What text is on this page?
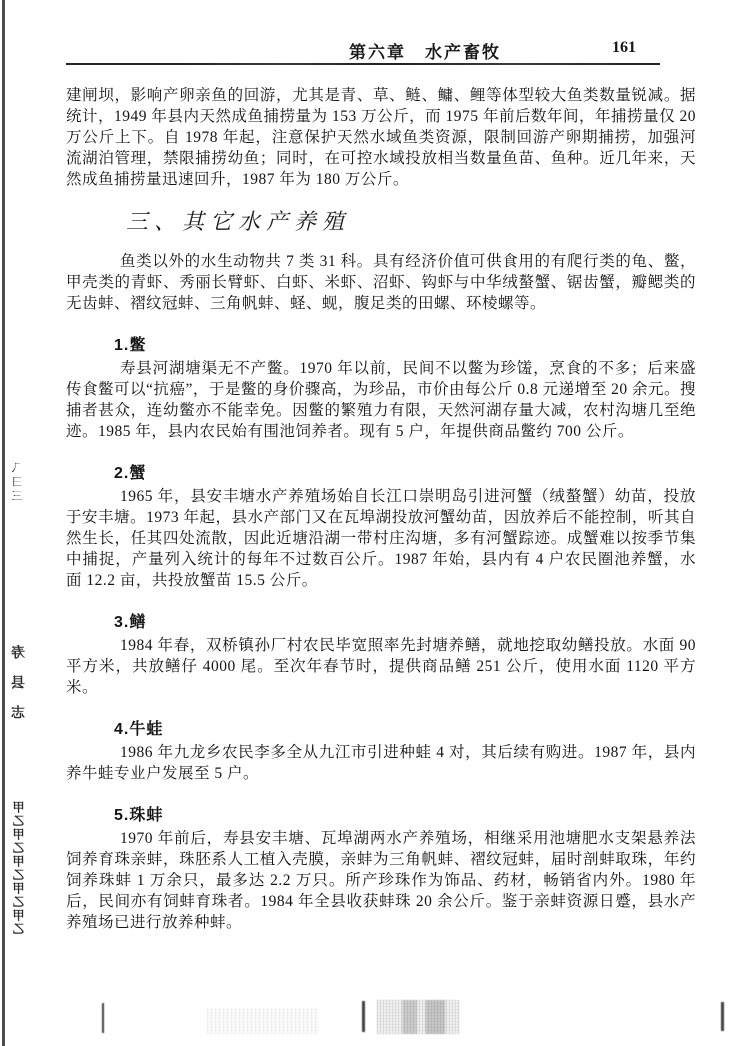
乁彐三
寿县志
甲乙甲乙甲乙甲乙甲乙
第六章　水产畜牧	161

建闸坝，影响产卵亲鱼的回游，尤其是青、草、鲢、鳙、鲤等体型较大鱼类数量锐减。据统计，1949 年县内天然成鱼捕捞量为 153 万公斤，而 1975 年前后数年间，年捕捞量仅 20 万公斤上下。自 1978 年起，注意保护天然水域鱼类资源，限制回游产卵期捕捞，加强河流湖泊管理，禁限捕捞幼鱼；同时，在可控水域投放相当数量鱼苗、鱼种。近几年来，天然成鱼捕捞量迅速回升，1987 年为 180 万公斤。

三、其它水产养殖

鱼类以外的水生动物共 7 类 31 科。具有经济价值可供食用的有爬行类的龟、鳖，甲壳类的青虾、秀丽长臂虾、白虾、米虾、沼虾、钩虾与中华绒螯蟹、锯齿蟹，瓣鳃类的无齿蚌、褶纹冠蚌、三角帆蚌、蛏、蚬，腹足类的田螺、环棱螺等。

1.鳖

寿县河湖塘渠无不产鳖。1970 年以前，民间不以鳖为珍馐，烹食的不多；后来盛传食鳖可以“抗癌”，于是鳖的身价骤高，为珍品，市价由每公斤 0.8 元递增至 20 余元。搜捕者甚众，连幼鳖亦不能幸免。因鳖的繁殖力有限，天然河湖存量大减，农村沟塘几至绝迹。1985 年，县内农民始有围池饲养者。现有 5 户，年提供商品鳖约 700 公斤。

2.蟹

1965 年，县安丰塘水产养殖场始自长江口崇明岛引进河蟹（绒螯蟹）幼苗，投放于安丰塘。1973 年起，县水产部门又在瓦埠湖投放河蟹幼苗，因放养后不能控制，听其自然生长，任其四处流散，因此近塘沿湖一带村庄沟塘，多有河蟹踪迹。成蟹难以按季节集中捕捉，产量列入统计的每年不过数百公斤。1987 年始，县内有 4 户农民圈池养蟹，水面 12.2 亩，共投放蟹苗 15.5 公斤。

3.鳝

1984 年春，双桥镇孙厂村农民毕宽照率先封塘养鳝，就地挖取幼鳝投放。水面 90 平方米，共放鳝仔 4000 尾。至次年春节时，提供商品鳝 251 公斤，使用水面 1120 平方米。

4.牛蛙

1986 年九龙乡农民李多全从九江市引进种蛙 4 对，其后续有购进。1987 年，县内养牛蛙专业户发展至 5 户。

5.珠蚌

1970 年前后，寿县安丰塘、瓦埠湖两水产养殖场，相继采用池塘肥水支架悬养法饲养育珠亲蚌，珠胚系人工植入壳膜，亲蚌为三角帆蚌、褶纹冠蚌，届时剖蚌取珠，年约饲养珠蚌 1 万余只，最多达 2.2 万只。所产珍珠作为饰品、药材，畅销省内外。1980 年后，民间亦有饲蚌育珠者。1984 年全县收获蚌珠 20 余公斤。鉴于亲蚌资源日蹙，县水产养殖场已进行放养种蚌。
